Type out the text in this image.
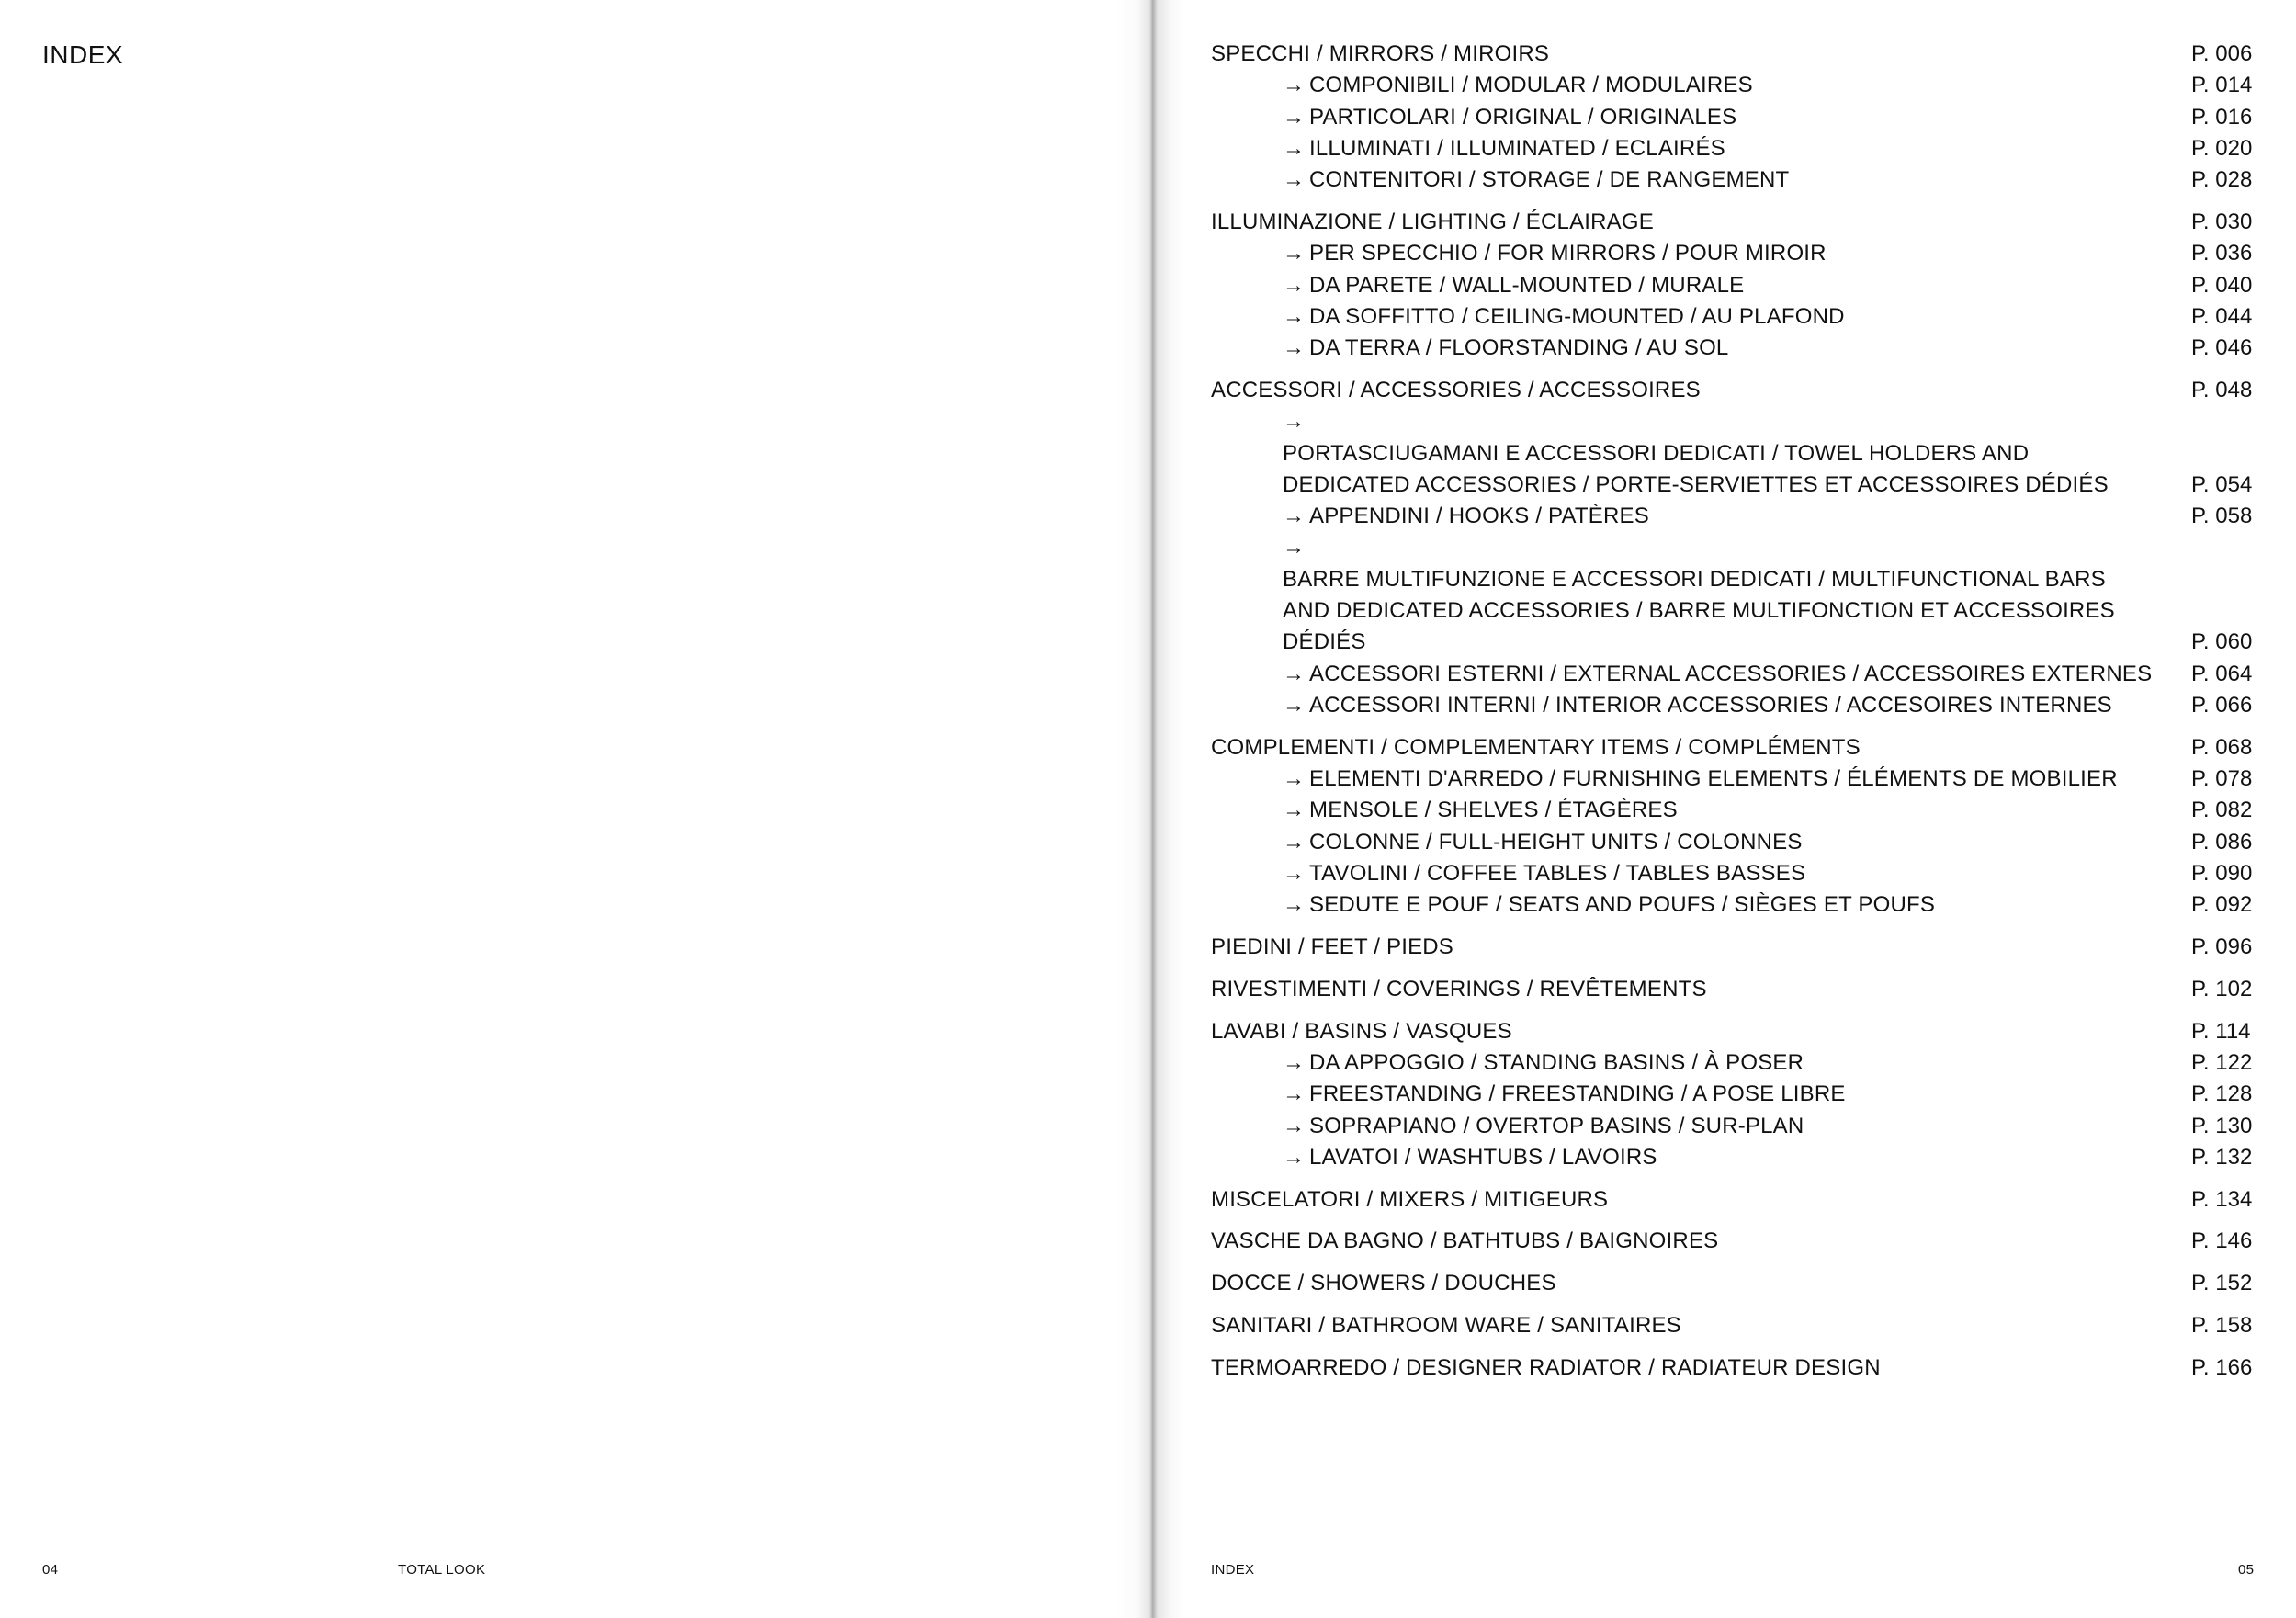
INDEX
04	TOTAL LOOK	INDEX	05
SPECCHI / MIRRORS / MIROIRS	P. 006
→ COMPONIBILI / MODULAR / MODULAIRES	P. 014
→ PARTICOLARI / ORIGINAL / ORIGINALES	P. 016
→ ILLUMINATI / ILLUMINATED / ECLAIRÉS	P. 020
→ CONTENITORI / STORAGE / DE RANGEMENT	P. 028
ILLUMINAZIONE / LIGHTING / ÉCLAIRAGE	P. 030
→ PER SPECCHIO / FOR MIRRORS / POUR MIROIR	P. 036
→ DA PARETE / WALL-MOUNTED / MURALE	P. 040
→ DA SOFFITTO / CEILING-MOUNTED / AU PLAFOND	P. 044
→ DA TERRA / FLOORSTANDING / AU SOL	P. 046
ACCESSORI / ACCESSORIES / ACCESSOIRES	P. 048
→PORTASCIUGAMANI E ACCESSORI DEDICATI / TOWEL HOLDERS AND DEDICATED ACCESSORIES / PORTE-SERVIETTES ET ACCESSOIRES DÉDIÉS	P. 054
→ APPENDINI / HOOKS / PATÈRES	P. 058
→BARRE MULTIFUNZIONE E ACCESSORI DEDICATI / MULTIFUNCTIONAL BARS AND DEDICATED ACCESSORIES / BARRE MULTIFONCTION ET ACCESSOIRES DÉDIÉS	P. 060
→ ACCESSORI ESTERNI / EXTERNAL ACCESSORIES / ACCESSOIRES EXTERNES	P. 064
→ ACCESSORI INTERNI / INTERIOR ACCESSORIES / ACCESOIRES INTERNES	P. 066
COMPLEMENTI / COMPLEMENTARY ITEMS / COMPLÉMENTS	P. 068
→ ELEMENTI D'ARREDO / FURNISHING ELEMENTS / ÉLÉMENTS DE MOBILIER	P. 078
→ MENSOLE / SHELVES / ÉTAGÈRES	P. 082
→ COLONNE / FULL-HEIGHT UNITS / COLONNES	P. 086
→ TAVOLINI / COFFEE TABLES / TABLES BASSES	P. 090
→ SEDUTE E POUF / SEATS AND POUFS / SIÈGES ET POUFS	P. 092
PIEDINI / FEET / PIEDS	P. 096
RIVESTIMENTI / COVERINGS / REVÊTEMENTS	P. 102
LAVABI / BASINS / VASQUES	P. 114
→ DA APPOGGIO / STANDING BASINS / À POSER	P. 122
→ FREESTANDING / FREESTANDING / A POSE LIBRE	P. 128
→ SOPRAPIANO / OVERTOP BASINS / SUR-PLAN	P. 130
→ LAVATOI / WASHTUBS / LAVOIRS	P. 132
MISCELATORI / MIXERS / MITIGEURS	P. 134
VASCHE DA BAGNO / BATHTUBS / BAIGNOIRES	P. 146
DOCCE / SHOWERS / DOUCHES	P. 152
SANITARI / BATHROOM WARE / SANITAIRES	P. 158
TERMOARREDO / DESIGNER RADIATOR / RADIATEUR DESIGN	P. 166
